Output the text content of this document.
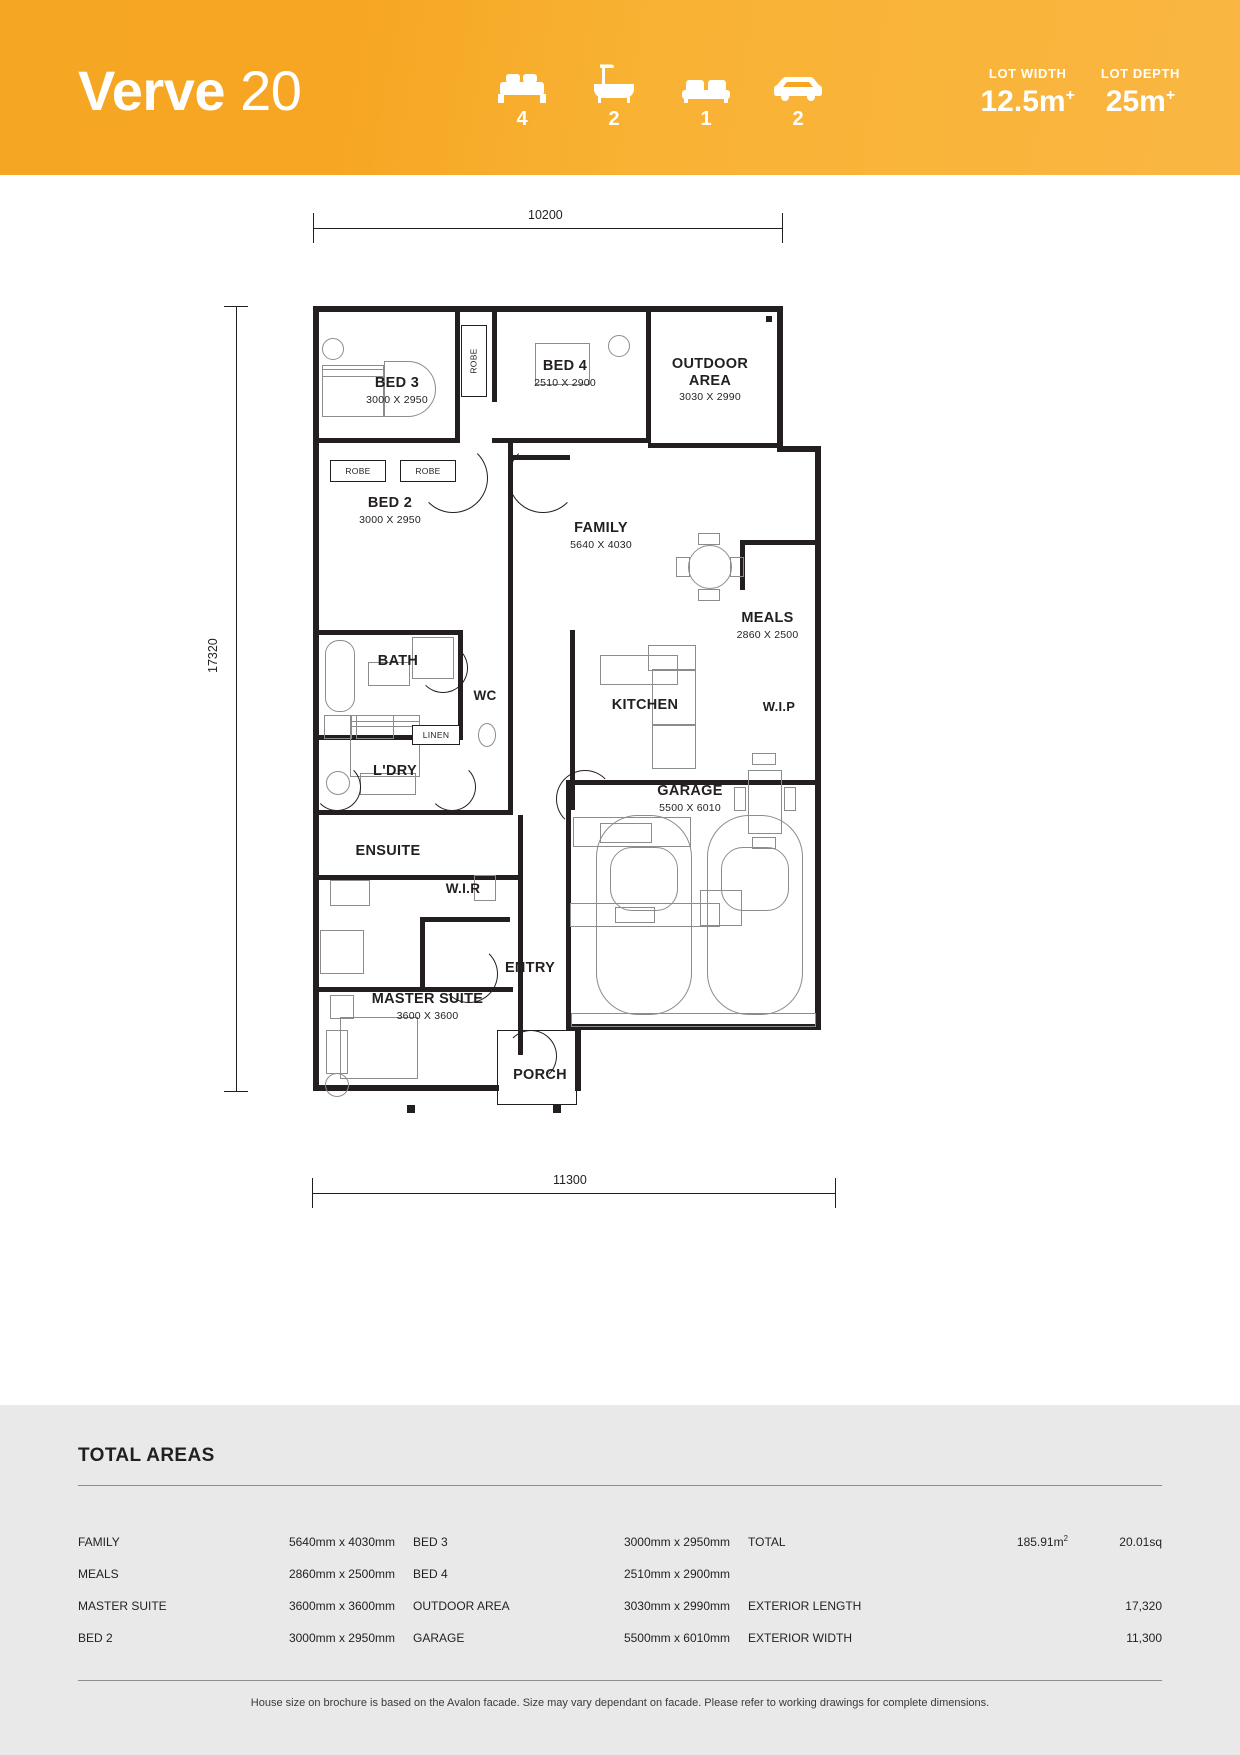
Verve 20	4	2	1	2
LOT WIDTH
12.5m+
LOT DEPTH
25m+
10200
17320
11300
ROBE
ROBE	ROBE
LINEN
BED 3
3000 X 2950
BED 4
2510 X 2900
OUTDOOR
AREA
3030 X 2990
BED 2
3000 X 2950
FAMILY
5640 X 4030
MEALS
2860 X 2500
BATH
WC
KITCHEN	W.I.P
L'DRY
GARAGE
5500 X 6010
ENSUITE
W.I.R
ENTRY
MASTER SUITE
3600 X 3600
PORCH
TOTAL AREAS
FAMILY	5640mm x 4030mm	BED 3	3000mm x 2950mm	TOTAL	$185.91m^2$	20.01sq
MEALS	2860mm x 2500mm	BED 4	2510mm x 2900mm			
MASTER SUITE	3600mm x 3600mm	OUTDOOR AREA	3030mm x 2990mm	EXTERIOR LENGTH		17,320
BED 2	3000mm x 2950mm	GARAGE	5500mm x 6010mm	EXTERIOR WIDTH		11,300
House size on brochure is based on the Avalon facade. Size may vary dependant on facade. Please refer to working drawings for complete dimensions.
